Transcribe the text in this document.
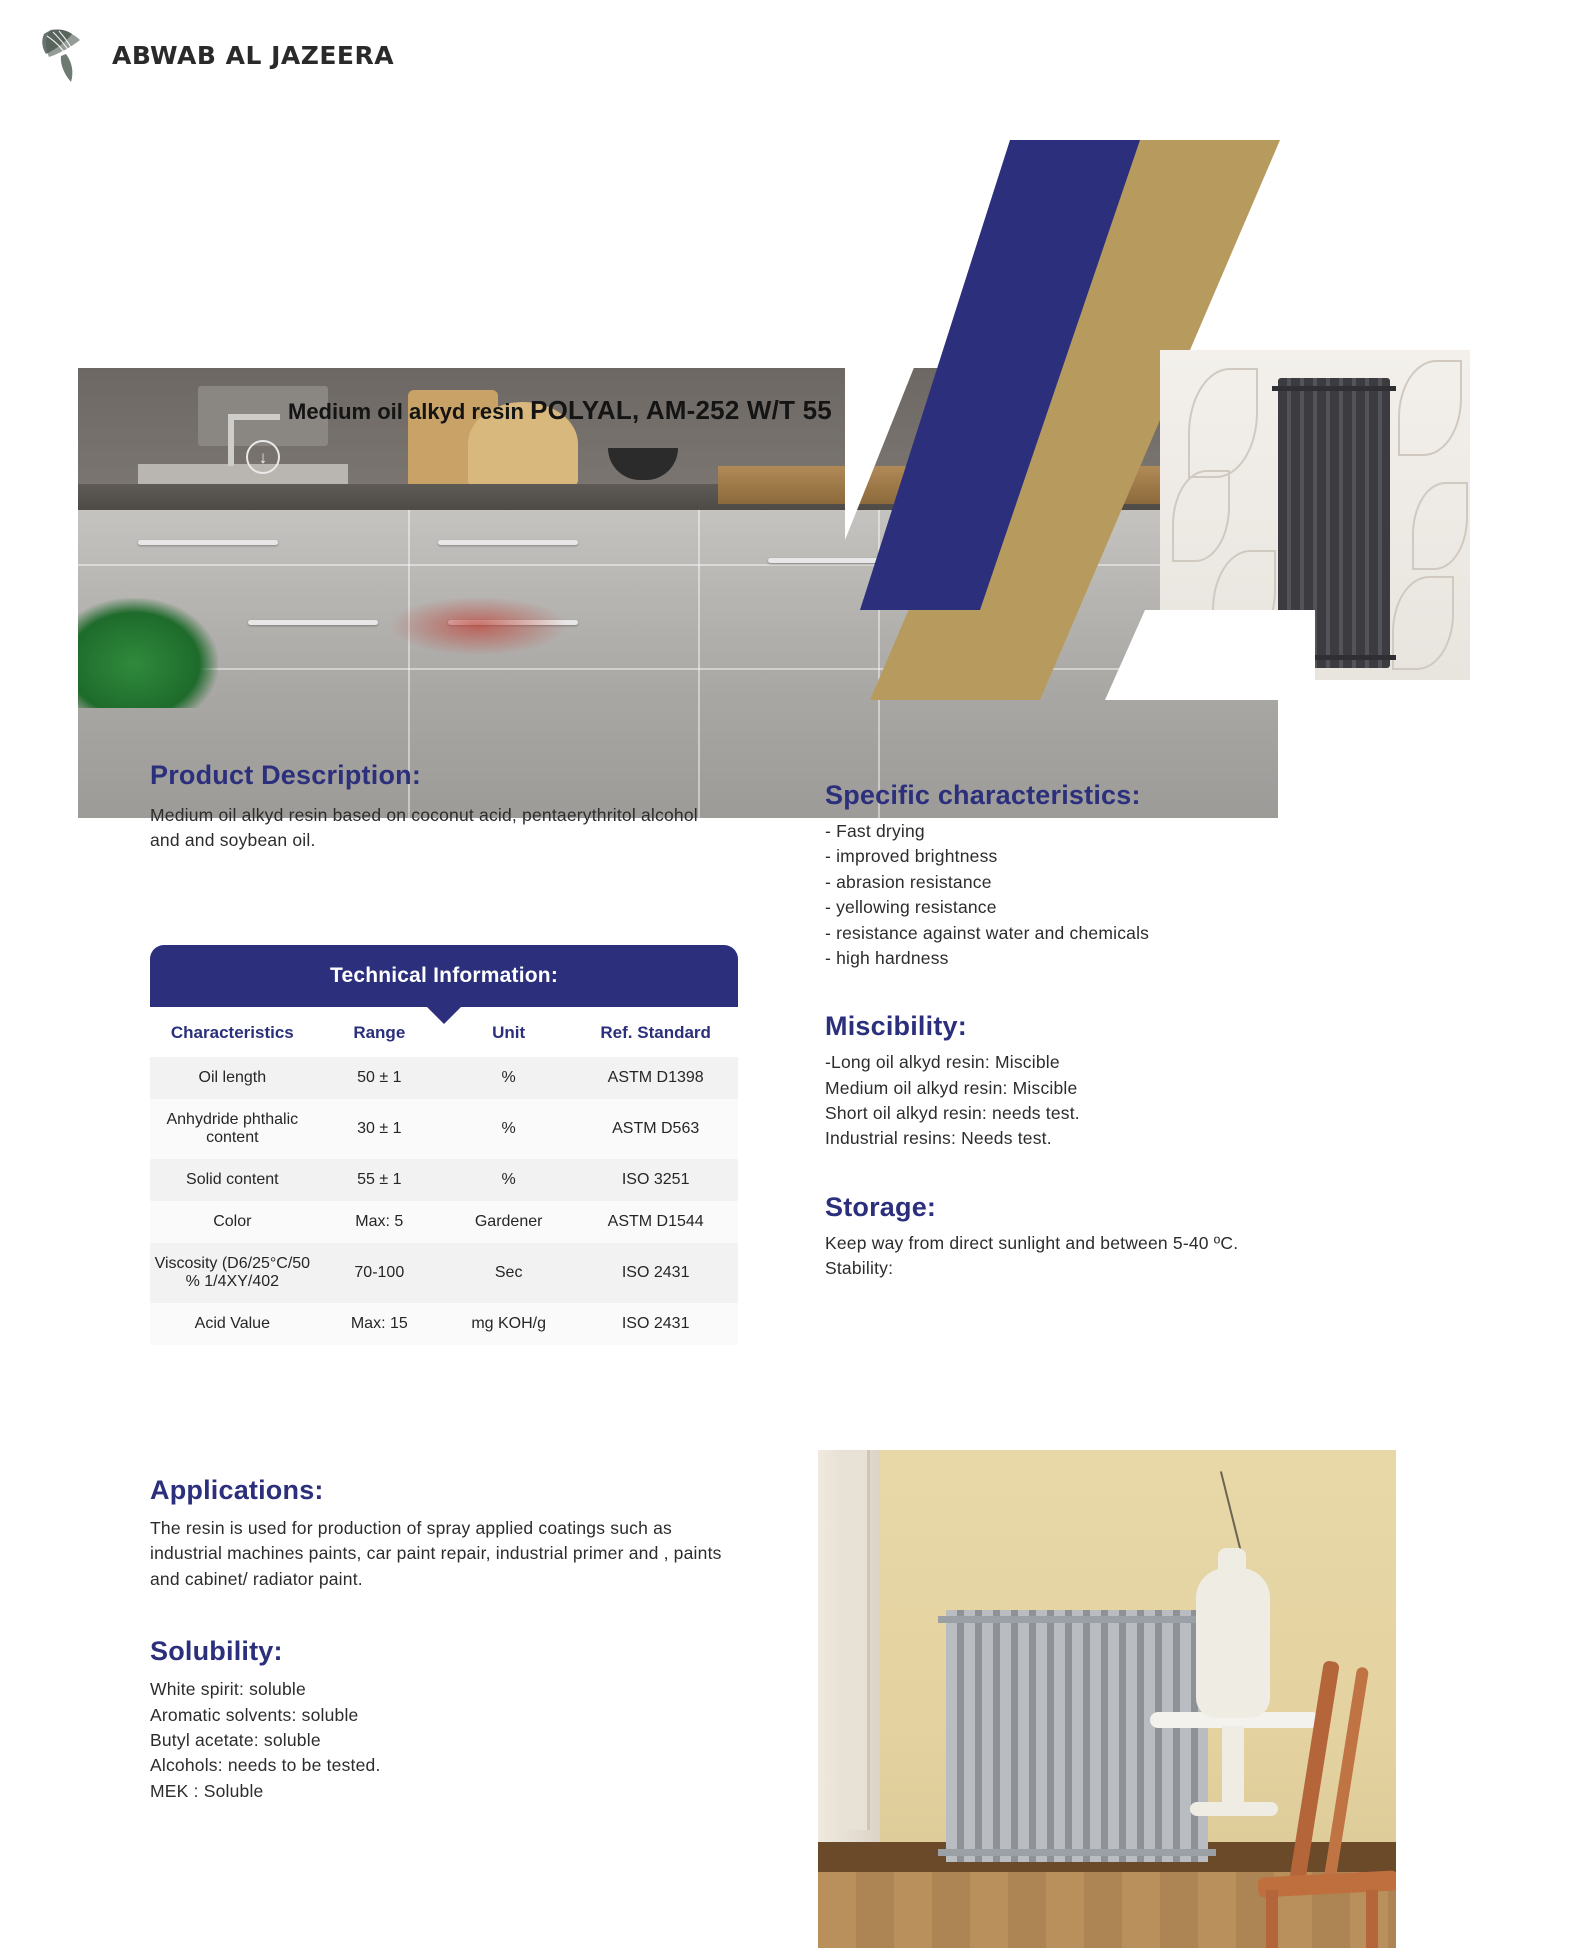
ABWAB AL JAZEERA
↓
Medium oil alkyd resin POLYAL, AM-252 W/T 55
Product Description:

Medium oil alkyd resin based on coconut acid, pentaerythritol alcohol and and soybean oil.

Technical Information:
Characteristics	Range	Unit	Ref. Standard
Oil length	50 ± 1	%	ASTM D1398
Anhydride phthalic content	30 ± 1	%	ASTM D563
Solid content	55 ± 1	%	ISO 3251
Color	Max: 5	Gardener	ASTM D1544
Viscosity (D6/25°C/50 % 1/4XY/402	70-100	Sec	ISO 2431
Acid Value	Max: 15	mg KOH/g	ISO 2431
Specific characteristics:
- Fast drying
- improved brightness
- abrasion resistance
- yellowing resistance
- resistance against water and chemicals
- high hardness
Miscibility:
-Long oil alkyd resin: Miscible
Medium oil alkyd resin: Miscible
Short oil alkyd resin: needs test.
Industrial resins: Needs test.
Storage:
Keep way from direct sunlight and between 5-40 ºC.
Stability:
Applications:

The resin is used for production of spray applied coatings such as industrial machines paints, car paint repair, industrial primer and , paints and cabinet/ radiator paint.

Solubility:
White spirit: soluble
Aromatic solvents: soluble
Butyl acetate: soluble
Alcohols: needs to be tested.
MEK : Soluble
